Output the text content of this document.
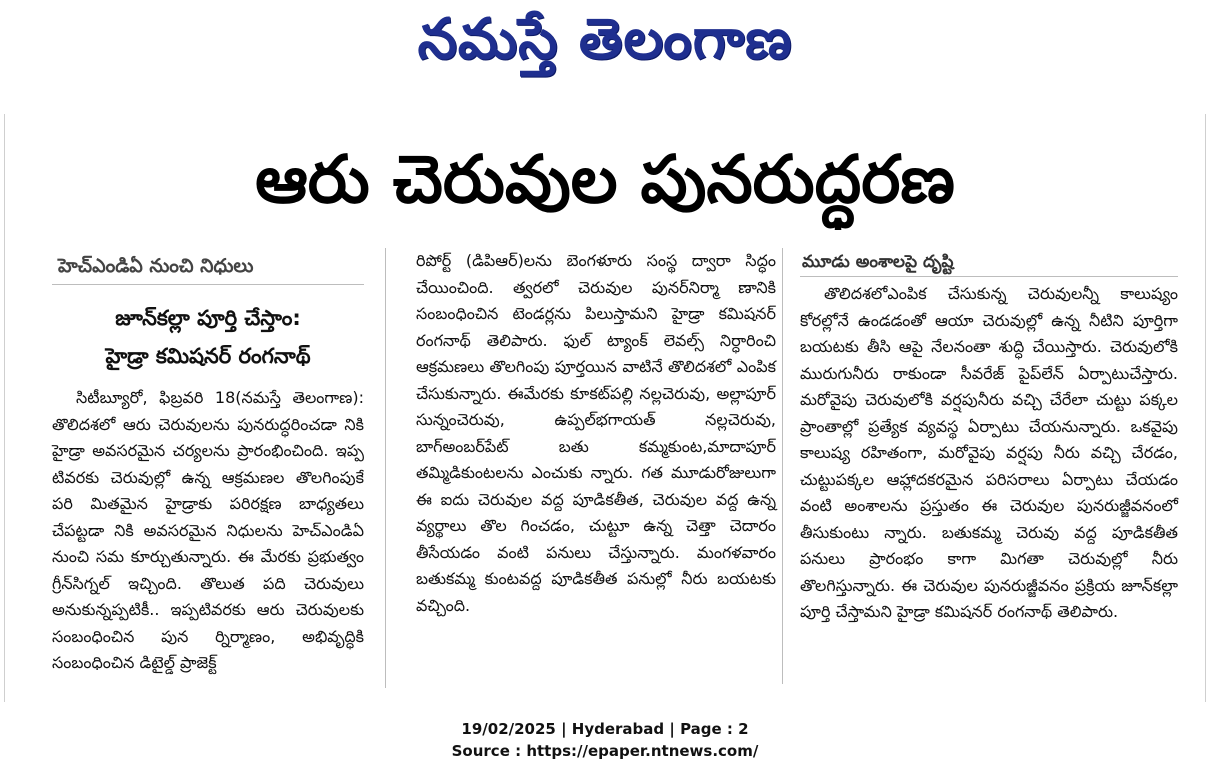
నమస్తే తెలంగాణ
ఆరు చెరువుల పునరుద్ధరణ
హెచ్‌ఎండిఏ నుంచి నిధులు
జూన్‌కల్లా పూర్తి చేస్తాం:
హైడ్రా కమిషనర్ రంగనాథ్

సిటీబ్యూరో, ఫిబ్రవరి 18(నమస్తే తెలంగాణ): తొలిదశలో ఆరు చెరువులను పునరుద్ధరించడా నికి హైడ్రా అవసరమైన చర్యలను ప్రారంభించింది. ఇప్ప టివరకు చెరువుల్లో ఉన్న ఆక్రమణల తొలగింపుకే పరి మితమైన హైడ్రాకు పరిరక్షణ బాధ్యతలు చేపట్టడా నికి అవసరమైన నిధులను హెచ్‌ఎండిఏ నుంచి సమ కూర్చుతున్నారు. ఈ మేరకు ప్రభుత్వం గ్రీన్‌సిగ్నల్ ఇచ్చింది. తొలుత పది చెరువులు అనుకున్నప్పటికీ.. ఇప్పటివరకు ఆరు చెరువులకు సంబంధించిన పున ర్నిర్మాణం, అభివృద్ధికి సంబంధించిన డిటైల్డ్ ప్రాజెక్ట్

రిపోర్ట్ (డిపిఆర్)లను బెంగళూరు సంస్థ ద్వారా సిద్ధం చేయించింది. త్వరలో చెరువుల పునర్‌నిర్మా ణానికి సంబంధించిన టెండర్లను పిలుస్తామని హైడ్రా కమిషనర్ రంగనాథ్ తెలిపారు. ఫుల్ ట్యాంక్ లెవల్స్ నిర్ధారించి ఆక్రమణలు తొలగింపు పూర్తయిన వాటినే తొలిదశలో ఎంపిక చేసుకున్నారు. ఈమేరకు కూకట్‌పల్లి నల్లచెరువు, అల్లాపూర్ సున్నంచెరువు, ఉప్పల్‌భగాయత్ నల్లచెరువు, బాగ్‌అంబర్‌పేట్ బతు కమ్మకుంట,మాదాపూర్ తమ్మిడికుంటలను ఎంచుకు న్నారు. గత మూడురోజులుగా ఈ ఐదు చెరువుల వద్ద పూడికతీత, చెరువుల వద్ద ఉన్న వ్యర్థాలు తొల గించడం, చుట్టూ ఉన్న చెత్తా చెదారం తీసేయడం వంటి పనులు చేస్తున్నారు. మంగళవారం బతుకమ్మ కుంటవద్ద పూడికతీత పనుల్లో నీరు బయటకు వచ్చింది.

మూడు అంశాలపై దృష్టి

తొలిదశలోఎంపిక చేసుకున్న చెరువులన్నీ కాలుష్యం కోరల్లోనే ఉండడంతో ఆయా చెరువుల్లో ఉన్న నీటిని పూర్తిగా బయటకు తీసి ఆపై నేలనంతా శుద్ధి చేయిస్తారు. చెరువులోకి మురుగునీరు రాకుండా సీవరేజ్ పైప్‌లేన్ ఏర్పాటుచేస్తారు. మరోవైపు చెరువులోకి వర్షపునీరు వచ్చి చేరేలా చుట్టు పక్కల ప్రాంతాల్లో ప్రత్యేక వ్యవస్థ ఏర్పాటు చేయనున్నారు. ఒకవైపు కాలుష్య రహితంగా, మరోవైపు వర్షపు నీరు వచ్చి చేరడం, చుట్టుపక్కల ఆహ్లాదకరమైన పరిసరాలు ఏర్పాటు చేయడం వంటి అంశాలను ప్రస్తుతం ఈ చెరువుల పునరుజ్జీవనంలో తీసుకుంటు న్నారు. బతుకమ్మ చెరువు వద్ద పూడికతీత పనులు ప్రారంభం కాగా మిగతా చెరువుల్లో నీరు తొలగిస్తున్నారు. ఈ చెరువుల పునరుజ్జీవనం ప్రక్రియ జూన్‌కల్లా పూర్తి చేస్తామని హైడ్రా కమిషనర్ రంగనాథ్ తెలిపారు.

19/02/2025 | Hyderabad | Page : 2
Source : https://epaper.ntnews.com/
